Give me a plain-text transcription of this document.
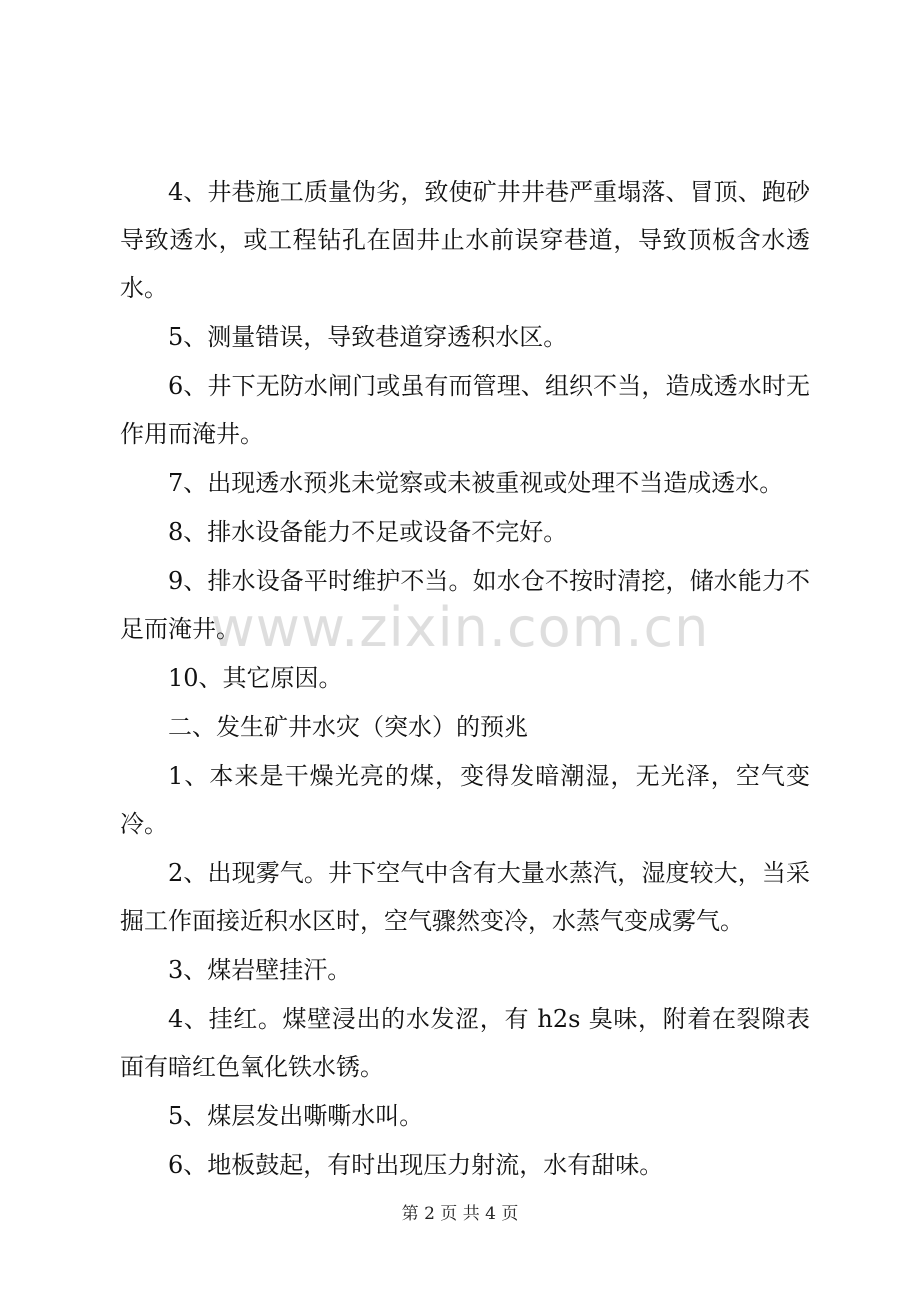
4、井巷施工质量伪劣，致使矿井井巷严重塌落、冒顶、跑砂导致透水，或工程钻孔在固井止水前误穿巷道，导致顶板含水透水。

5、测量错误，导致巷道穿透积水区。

6、井下无防水闸门或虽有而管理、组织不当，造成透水时无作用而淹井。

7、出现透水预兆未觉察或未被重视或处理不当造成透水。

8、排水设备能力不足或设备不完好。

9、排水设备平时维护不当。如水仓不按时清挖，储水能力不足而淹井。

10、其它原因。

二、发生矿井水灾（突水）的预兆

1、本来是干燥光亮的煤，变得发暗潮湿，无光泽，空气变冷。

2、出现雾气。井下空气中含有大量水蒸汽，湿度较大，当采掘工作面接近积水区时，空气骤然变冷，水蒸气变成雾气。

3、煤岩壁挂汗。

4、挂红。煤壁浸出的水发涩，有 h2s 臭味，附着在裂隙表面有暗红色氧化铁水锈。

5、煤层发出嘶嘶水叫。

6、地板鼓起，有时出现压力射流，水有甜味。

www.zixin.com.cn
第 2 页 共 4 页
